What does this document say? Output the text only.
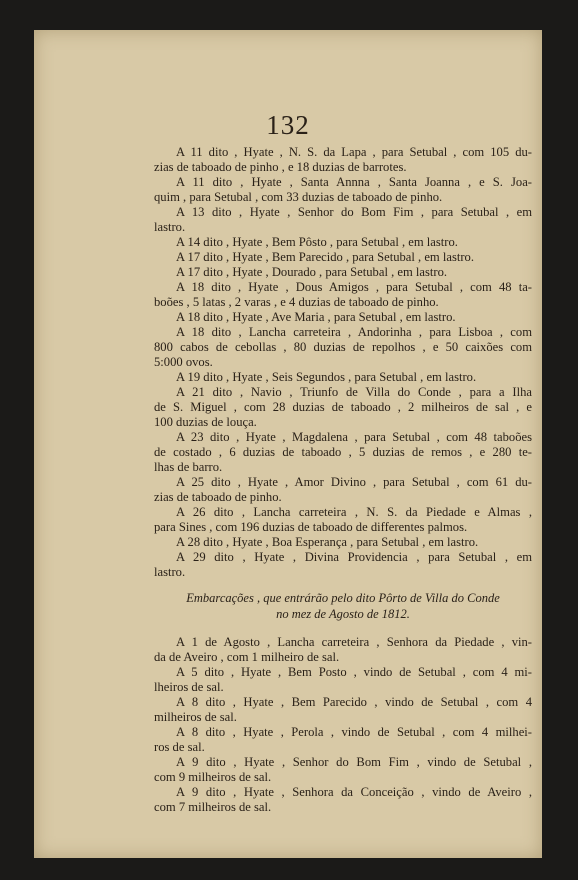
132
A 11 dito , Hyate , N. S. da Lapa , para Setubal , com 105 du-
zias de taboado de pinho , e 18 duzias de barrotes.
A 11 dito , Hyate , Santa Annna , Santa Joanna , e S. Joa-
quim , para Setubal , com 33 duzias de taboado de pinho.
A 13 dito , Hyate , Senhor do Bom Fim , para Setubal , em
lastro.
A 14 dito , Hyate , Bem Pôsto , para Setubal , em lastro.
A 17 dito , Hyate , Bem Parecido , para Setubal , em lastro.
A 17 dito , Hyate , Dourado , para Setubal , em lastro.
A 18 dito , Hyate , Dous Amigos , para Setubal , com 48 ta-
boões , 5 latas , 2 varas , e 4 duzias de taboado de pinho.
A 18 dito , Hyate , Ave Maria , para Setubal , em lastro.
A 18 dito , Lancha carreteira , Andorinha , para Lisboa , com
800 cabos de cebollas , 80 duzias de repolhos , e 50 caixões com
5:000 ovos.
A 19 dito , Hyate , Seis Segundos , para Setubal , em lastro.
A 21 dito , Navio , Triunfo de Villa do Conde , para a Ilha
de S. Miguel , com 28 duzias de taboado , 2 milheiros de sal , e
100 duzias de louça.
A 23 dito , Hyate , Magdalena , para Setubal , com 48 taboões
de costado , 6 duzias de taboado , 5 duzias de remos , e 280 te-
lhas de barro.
A 25 dito , Hyate , Amor Divino , para Setubal , com 61 du-
zias de taboado de pinho.
A 26 dito , Lancha carreteira , N. S. da Piedade e Almas ,
para Sines , com 196 duzias de taboado de differentes palmos.
A 28 dito , Hyate , Boa Esperança , para Setubal , em lastro.
A 29 dito , Hyate , Divina Providencia , para Setubal , em
lastro.
Embarcações , que entrárão pelo dito Pôrto de Villa do Conde
no mez de Agosto de 1812.
A 1 de Agosto , Lancha carreteira , Senhora da Piedade , vin-
da de Aveiro , com 1 milheiro de sal.
A 5 dito , Hyate , Bem Posto , vindo de Setubal , com 4 mi-
lheiros de sal.
A 8 dito , Hyate , Bem Parecido , vindo de Setubal , com 4
milheiros de sal.
A 8 dito , Hyate , Perola , vindo de Setubal , com 4 milhei-
ros de sal.
A 9 dito , Hyate , Senhor do Bom Fim , vindo de Setubal ,
com 9 milheiros de sal.
A 9 dito , Hyate , Senhora da Conceição , vindo de Aveiro ,
com 7 milheiros de sal.
